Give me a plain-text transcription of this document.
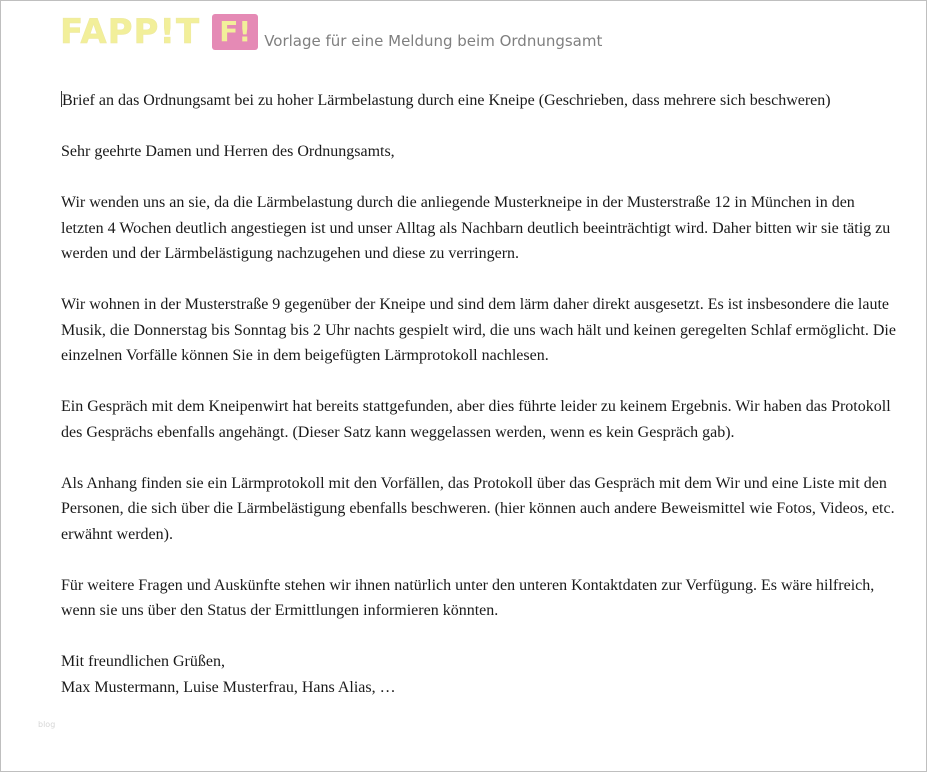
FAPP!T F! Vorlage für eine Meldung beim Ordnungsamt
blog

Brief an das Ordnungsamt bei zu hoher Lärmbelastung durch eine Kneipe (Geschrieben, dass mehrere sich beschweren)

Sehr geehrte Damen und Herren des Ordnungsamts,

Wir wenden uns an sie, da die Lärmbelastung durch die anliegende Musterkneipe in der Musterstraße 12 in München in den letzten 4 Wochen deutlich angestiegen ist und unser Alltag als Nachbarn deutlich beeinträchtigt wird. Daher bitten wir sie tätig zu werden und der Lärmbelästigung nachzugehen und diese zu verringern.

Wir wohnen in der Musterstraße 9 gegenüber der Kneipe und sind dem lärm daher direkt ausgesetzt. Es ist insbesondere die laute Musik, die Donnerstag bis Sonntag bis 2 Uhr nachts gespielt wird, die uns wach hält und keinen geregelten Schlaf ermöglicht. Die einzelnen Vorfälle können Sie in dem beigefügten Lärmprotokoll nachlesen.

Ein Gespräch mit dem Kneipenwirt hat bereits stattgefunden, aber dies führte leider zu keinem Ergebnis. Wir haben das Protokoll des Gesprächs ebenfalls angehängt. (Dieser Satz kann weggelassen werden, wenn es kein Gespräch gab).

Als Anhang finden sie ein Lärmprotokoll mit den Vorfällen, das Protokoll über das Gespräch mit dem Wir und eine Liste mit den Personen, die sich über die Lärmbelästigung ebenfalls beschweren. (hier können auch andere Beweismittel wie Fotos, Videos, etc. erwähnt werden).

Für weitere Fragen und Auskünfte stehen wir ihnen natürlich unter den unteren Kontaktdaten zur Verfügung. Es wäre hilfreich, wenn sie uns über den Status der Ermittlungen informieren könnten.

Mit freundlichen Grüßen,

Max Mustermann, Luise Musterfrau, Hans Alias, …
